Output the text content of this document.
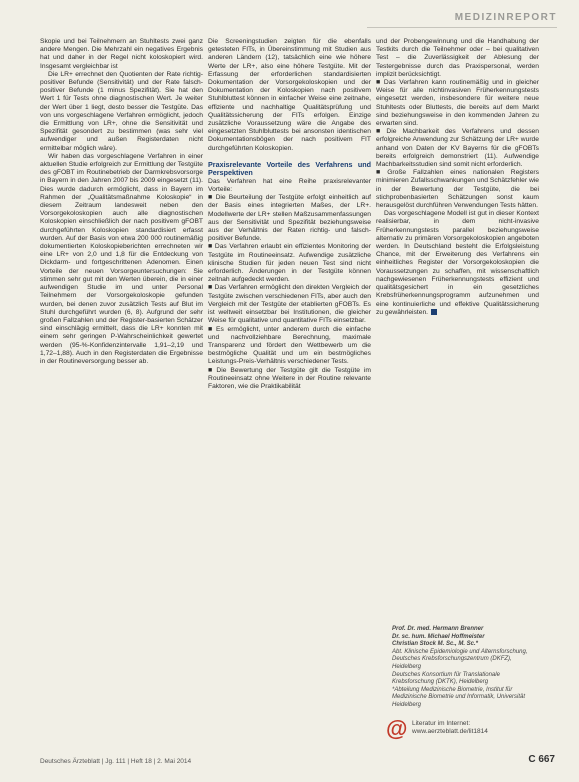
MEDIZINREPORT

Skopie und bei Teilnehmern an Stuhltests zwei ganz andere Mengen. Die Mehrzahl ein negatives Ergebnis hat und daher in der Regel nicht koloskopiert wird. Insgesamt vergleichbar ist

Die LR+ errechnet den Quotienten der Rate richtig-positiver Befunde (Sensitivität) und der Rate falsch-positiver Befunde (1 minus Spezifität). Sie hat den Wert 1 für Tests ohne diagnostischen Wert. Je weiter der Wert über 1 liegt, desto besser die Testgüte. Das von uns vorgeschlagene Verfahren ermöglicht, jedoch die Ermittlung von LR+, ohne die Sensitivität und Spezifität gesondert zu bestimmen (was sehr viel aufwendiger und außen Registerdaten nicht ermittelbar möglich wäre).

Wir haben das vorgeschlagene Verfahren in einer aktuellen Studie erfolgreich zur Ermittlung der Testgüte des gFOBT im Routinebetrieb der Darmkrebsvorsorge in Bayern in den Jahren 2007 bis 2009 eingesetzt (11). Dies wurde dadurch ermöglicht, dass in Bayern im Rahmen der „Qualitätsmaßnahme Koloskopie“ in diesem Zeitraum landesweit neben den Vorsorgekoloskopien auch alle diagnostischen Koloskopien einschließlich der nach positivem gFOBT durchgeführten Koloskopien standardisiert erfasst wurden. Auf der Basis von etwa 200 000 routinemäßig dokumentierten Koloskopieberichten errechneten wir eine LR+ von 2,0 und 1,8 für die Entdeckung von Dickdarm- und fortgeschrittenen Adenomen. Einen Vorteile der neuen Vorsorgeuntersuchungen: Sie stimmen sehr gut mit den Werten überein, die in einer aufwendigen Studie im und unter Personal Teilnehmern der Vorsorgekoloskopie gefunden wurden, bei denen zuvor zusätzlich Tests auf Blut im Stuhl durchgeführt wurden (6, 8). Aufgrund der sehr großen Fallzahlen und der Register-basierten Schätzer sind einschlägig ermittelt, dass die LR+ konnten mit einem sehr geringen P-Wahrscheinlichkeit gewertet werden (95-%-Konfidenzintervalle 1,91–2,19 und 1,72–1,88). Auch in den Registerdaten die Ergebnisse in der Routineversorgung besser ab.

Die Screeningstudien zeigten für die ebenfalls getesteten FITs, in Übereinstimmung mit Studien aus anderen Ländern (12), tatsächlich eine wie höhere Werte der LR+, also eine höhere Testgüte. Mit der Erfassung der erforderlichen standardisierten Dokumentation der Vorsorgekoloskopien und der Dokumentation der Koloskopien nach positivem Stuhlbluttest können in einfacher Weise eine zeitnahe, effiziente und nachhaltige Qualitätsprüfung und Qualitätssicherung der FITs erfolgen. Einzige zusätzliche Voraussetzung wäre die Angabe des eingesetzten Stuhlbluttests bei ansonsten identischen Dokumentationsbögen der nach positivem FIT durchgeführten Koloskopien.

Praxisrelevante Vorteile des Verfahrens und Perspektiven

Das Verfahren hat eine Reihe praxisrelevanter Vorteile:

■ Die Beurteilung der Testgüte erfolgt einheitlich auf der Basis eines integrierten Maßes, der LR+. Modellwerte der LR+ stellen Maßzusammenfassungen aus der Sensitivität und Spezifität beziehungsweise aus der Verhältnis der Raten richtig- und falsch-positiver Befunde.

■ Das Verfahren erlaubt ein effizientes Monitoring der Testgüte im Routineeinsatz. Aufwendige zusätzliche klinische Studien für jeden neuen Test sind nicht erforderlich. Änderungen in der Testgüte können zeitnah aufgedeckt werden.

■ Das Verfahren ermöglicht den direkten Vergleich der Testgüte zwischen verschiedenen FITs, aber auch den Vergleich mit der Testgüte der etablierten gFOBTs. Es ist weltweit einsetzbar bei Institutionen, die gleicher Weise für qualitative und quantitative FITs einsetzbar.

■ Es ermöglicht, unter anderem durch die einfache und nachvollziehbare Berechnung, maximale Transparenz und fördert den Wettbewerb um die bestmögliche Qualität und um ein bestmögliches Leistungs-Preis-Verhältnis verschiedener Tests.

■ Die Bewertung der Testgüte gilt die Testgüte im Routineeinsatz ohne Weitere in der Routine relevante Faktoren, wie die Praktikabilität

und der Probengewinnung und die Handhabung der Testkits durch die Teilnehmer oder – bei qualitativen Test – die Zuverlässigkeit der Ablesung der Testergebnisse durch das Praxispersonal, werden implizit berücksichtigt.

■ Das Verfahren kann routinemäßig und in gleicher Weise für alle nichtinvasiven Früherkennungstests eingesetzt werden, insbesondere für weitere neue Stuhltests oder Bluttests, die bereits auf dem Markt sind beziehungsweise in den kommenden Jahren zu erwarten sind.

■ Die Machbarkeit des Verfahrens und dessen erfolgreiche Anwendung zur Schätzung der LR+ wurde anhand von Daten der KV Bayerns für die gFOBTs bereits erfolgreich demonstriert (11). Aufwendige Machbarkeitsstudien sind somit nicht erforderlich.

■ Große Fallzahlen eines nationalen Registers minimieren Zufallsschwankungen und Schätzfehler wie in der Bewertung der Testgüte, die bei stichprobenbasierten Schätzungen sonst kaum herausgelöst durchführen Verwendungen Tests hätten.

Das vorgeschlagene Modell ist gut in dieser Kontext realisierbar, in dem nicht-invasive Früherkennungstests parallel beziehungsweise alternativ zu primären Vorsorgekoloskopien angeboten werden. In Deutschland besteht die Erfolgsleistung Chance, mit der Erweiterung des Verfahrens ein einheitliches Register der Vorsorgekoloskopien die Voraussetzungen zu schaffen, mit wissenschaftlich nachgewiesenen Früherkennungstests effizient und qualitätsgesichert in ein gesetzliches Krebsfrüherkennungsprogramm aufzunehmen und eine kontinuierliche und effektive Qualitätssicherung zu gewährleisten.

Prof. Dr. med. Hermann Brenner
Dr. sc. hum. Michael Hoffmeister
Christian Stock M. Sc., M. Sc.*
Abt. Klinische Epidemiologie und Alternsforschung, Deutsches Krebsforschungszentrum (DKFZ), Heidelberg
Deutsches Konsortium für Translationale Krebsforschung (DKTK), Heidelberg
*Abteilung Medizinische Biometrie, Institut für Medizinische Biometrie und Informatik, Universität Heidelberg
@ Literatur im Internet:
www.aerzteblatt.de/lit1814
Deutsches Ärzteblatt | Jg. 111 | Heft 18 | 2. Mai 2014	C 667
